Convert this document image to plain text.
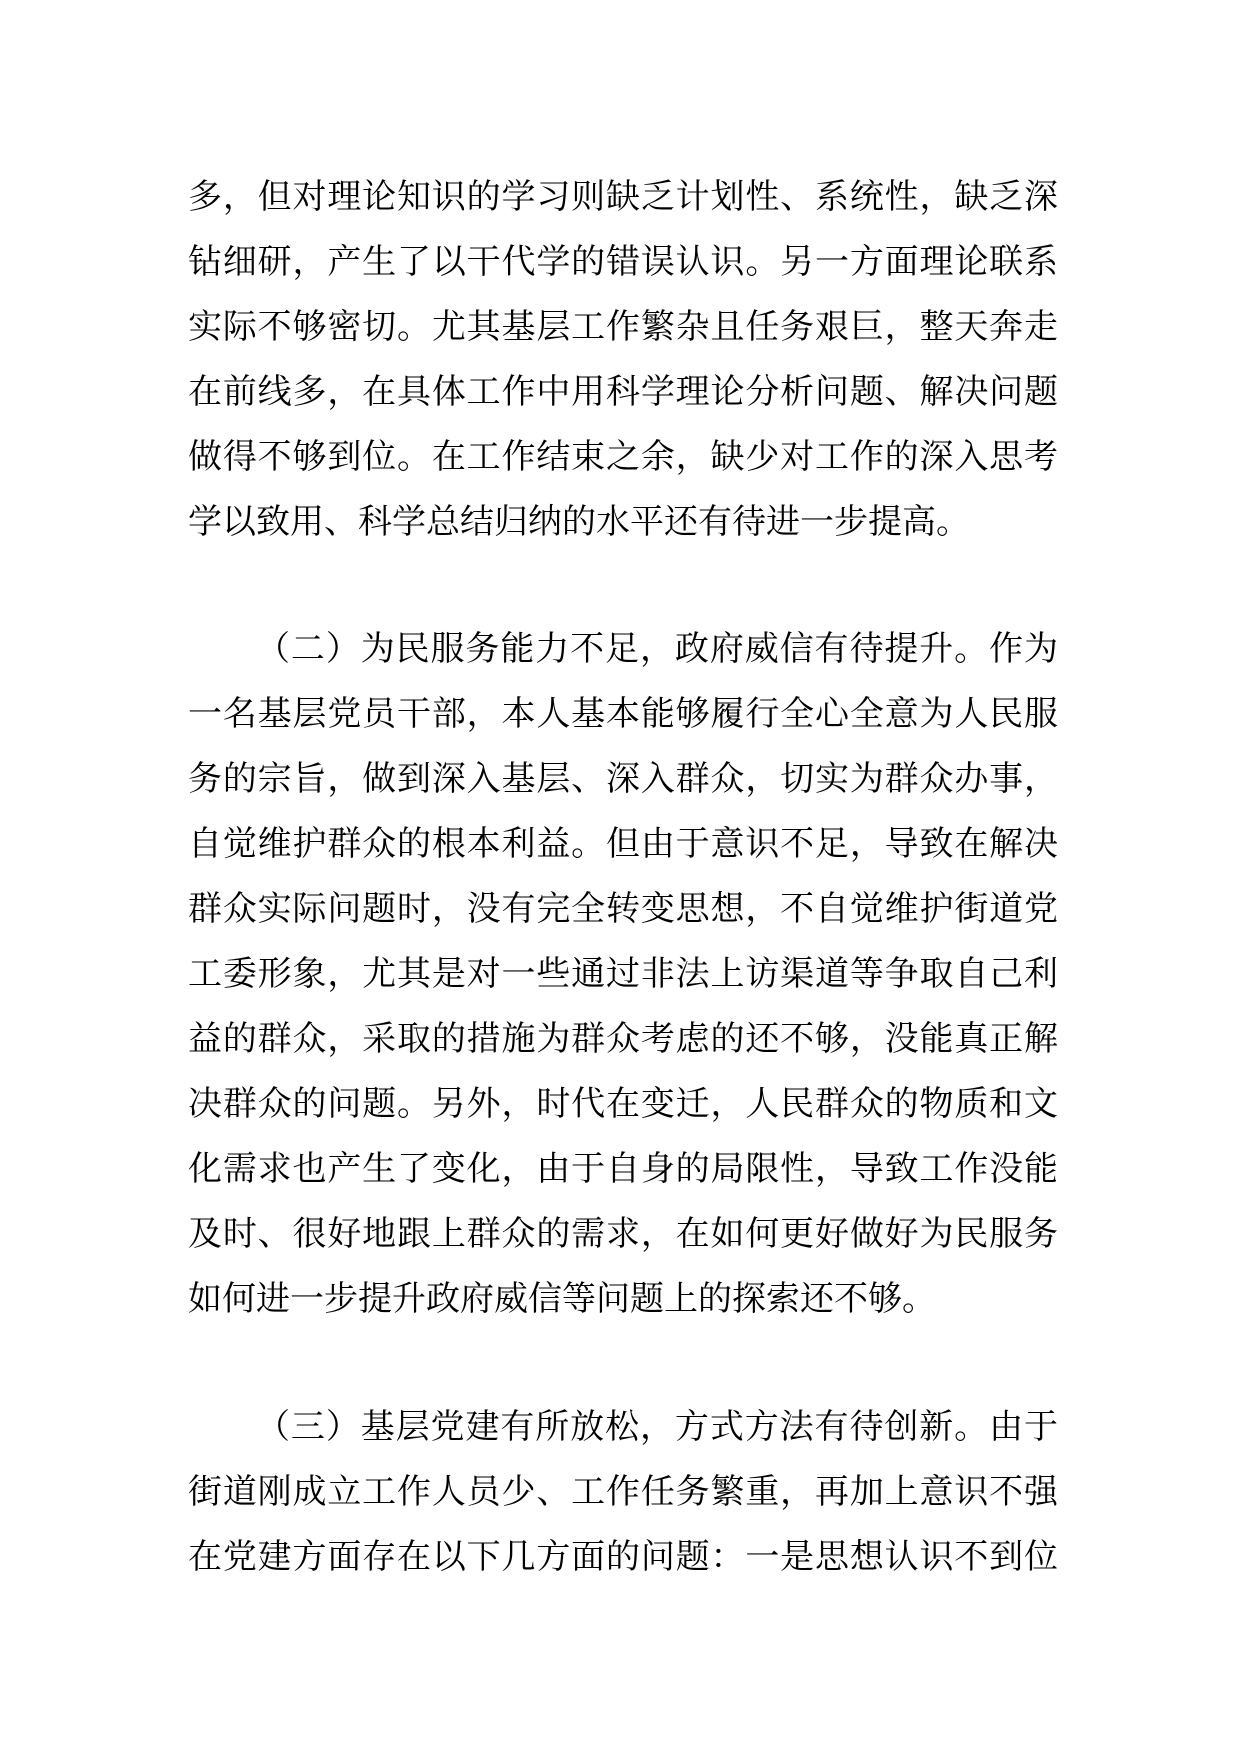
多，但对理论知识的学习则缺乏计划性、系统性，缺乏深
钻细研，产生了以干代学的错误认识。另一方面理论联系
实际不够密切。尤其基层工作繁杂且任务艰巨，整天奔走
在前线多，在具体工作中用科学理论分析问题、解决问题
做得不够到位。在工作结束之余，缺少对工作的深入思考
学以致用、科学总结归纳的水平还有待进一步提高。
（二）为民服务能力不足，政府威信有待提升。作为
一名基层党员干部，本人基本能够履行全心全意为人民服
务的宗旨，做到深入基层、深入群众，切实为群众办事，
自觉维护群众的根本利益。但由于意识不足，导致在解决
群众实际问题时，没有完全转变思想，不自觉维护街道党
工委形象，尤其是对一些通过非法上访渠道等争取自己利
益的群众，采取的措施为群众考虑的还不够，没能真正解
决群众的问题。另外，时代在变迁，人民群众的物质和文
化需求也产生了变化，由于自身的局限性，导致工作没能
及时、很好地跟上群众的需求，在如何更好做好为民服务
如何进一步提升政府威信等问题上的探索还不够。
（三）基层党建有所放松，方式方法有待创新。由于
街道刚成立工作人员少、工作任务繁重，再加上意识不强
在党建方面存在以下几方面的问题：一是思想认识不到位
